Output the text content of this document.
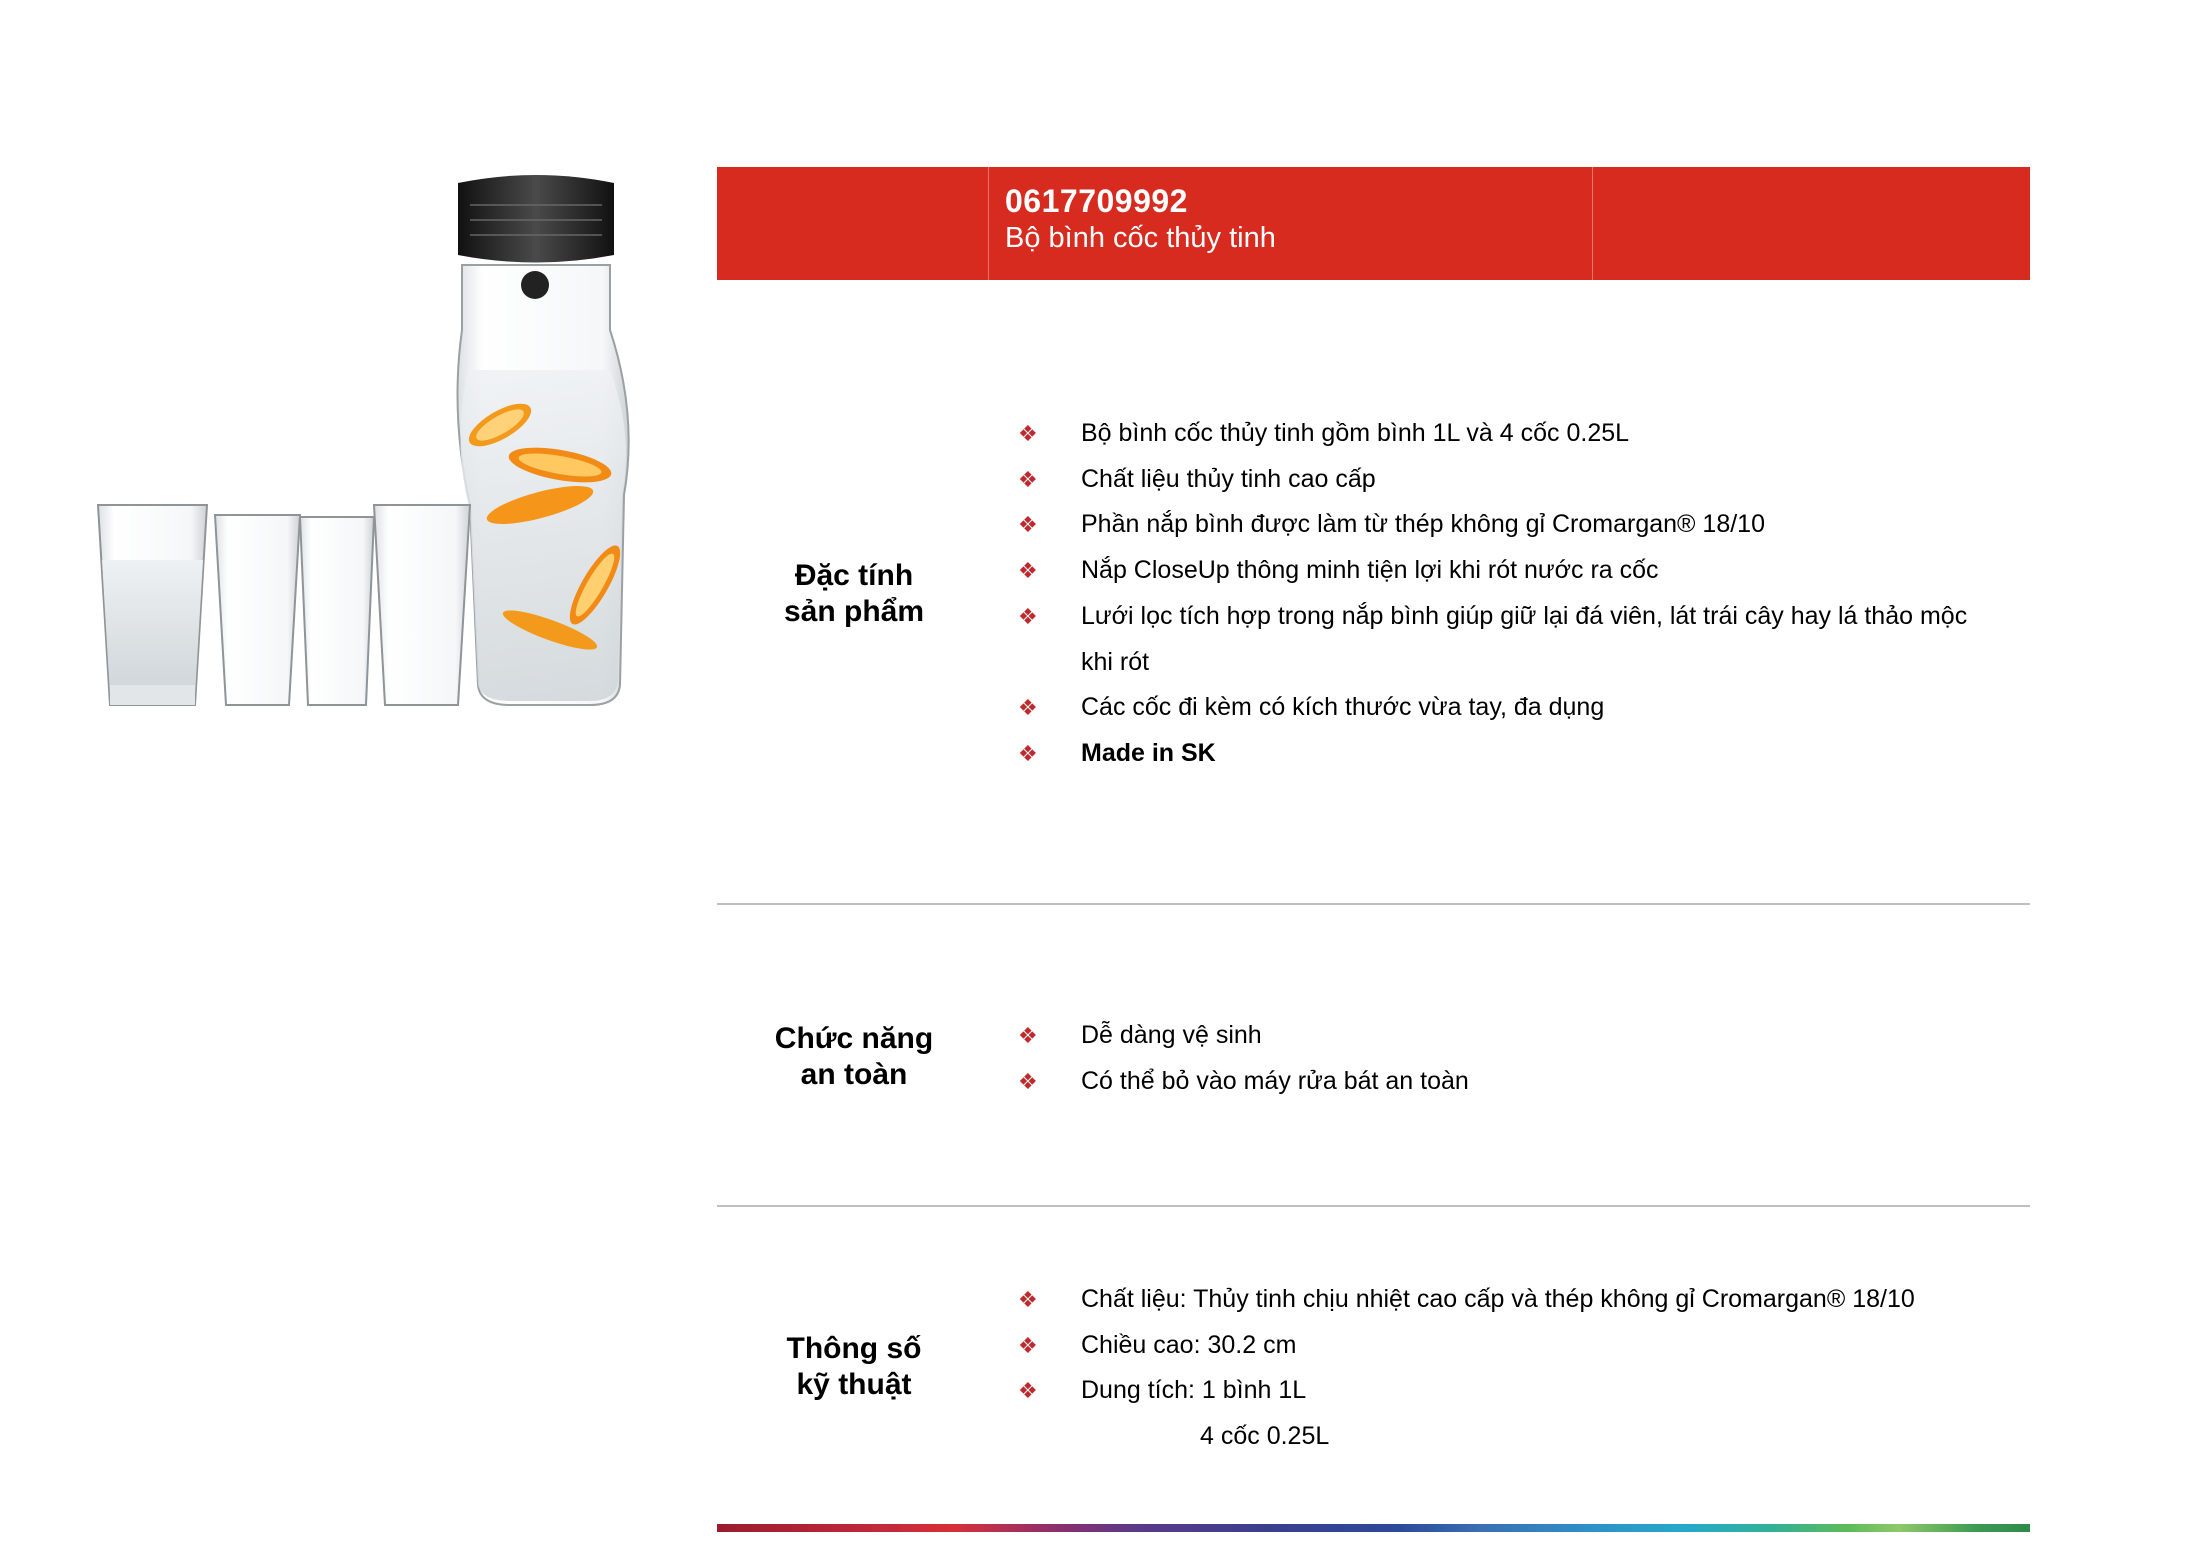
0617709992
Bộ bình cốc thủy tinh
Đặc tính
sản phẩm
❖ Bộ bình cốc thủy tinh gồm bình 1L và 4 cốc 0.25L
❖ Chất liệu thủy tinh cao cấp
❖ Phần nắp bình được làm từ thép không gỉ Cromargan® 18/10
❖ Nắp CloseUp thông minh tiện lợi khi rót nước ra cốc
❖ Lưới lọc tích hợp trong nắp bình giúp giữ lại đá viên, lát trái cây hay lá thảo mộc
khi rót
❖ Các cốc đi kèm có kích thước vừa tay, đa dụng
❖ Made in SK
Chức năng
an toàn
❖ Dễ dàng vệ sinh
❖ Có thể bỏ vào máy rửa bát an toàn
Thông số
kỹ thuật
❖ Chất liệu: Thủy tinh chịu nhiệt cao cấp và thép không gỉ Cromargan® 18/10
❖ Chiều cao: 30.2 cm
❖ Dung tích: 1 bình 1L
4 cốc 0.25L
